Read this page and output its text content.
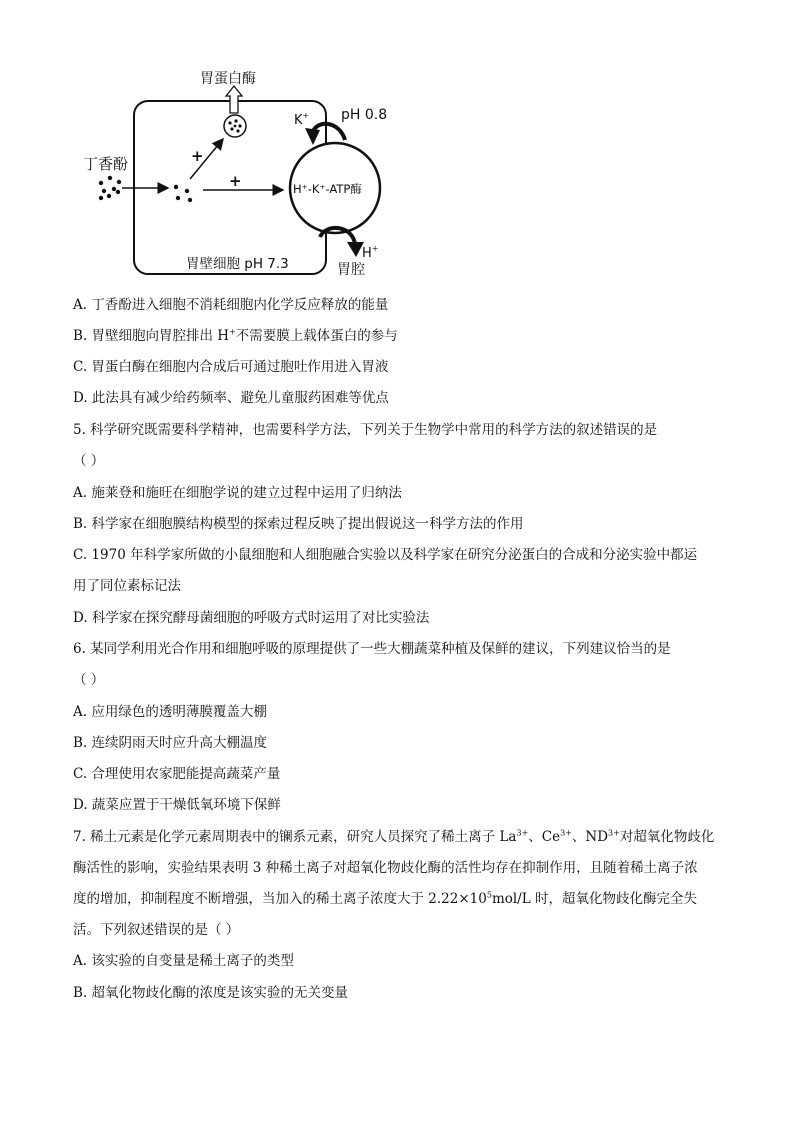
胃蛋白酶
丁香酚	+
+
K+ pH 0.8
H⁺-K⁺-ATP酶
H+
胃腔
胃壁细胞 pH 7.3
A. 丁香酚进入细胞不消耗细胞内化学反应释放的能量
B. 胃壁细胞向胃腔排出 H+不需要膜上载体蛋白的参与
C. 胃蛋白酶在细胞内合成后可通过胞吐作用进入胃液
D. 此法具有减少给药频率、避免儿童服药困难等优点
5. 科学研究既需要科学精神，也需要科学方法，下列关于生物学中常用的科学方法的叙述错误的是
（ ）
A. 施莱登和施旺在细胞学说的建立过程中运用了归纳法
B. 科学家在细胞膜结构模型的探索过程反映了提出假说这一科学方法的作用
C. 1970 年科学家所做的小鼠细胞和人细胞融合实验以及科学家在研究分泌蛋白的合成和分泌实验中都运
用了同位素标记法
D. 科学家在探究酵母菌细胞的呼吸方式时运用了对比实验法
6. 某同学利用光合作用和细胞呼吸的原理提供了一些大棚蔬菜种植及保鲜的建议，下列建议恰当的是
（ ）
A. 应用绿色的透明薄膜覆盖大棚
B. 连续阴雨天时应升高大棚温度
C. 合理使用农家肥能提高蔬菜产量
D. 蔬菜应置于干燥低氧环境下保鲜
7. 稀土元素是化学元素周期表中的镧系元素，研究人员探究了稀土离子 $La^{3+}$、$Ce^{3+}$、$ND^{3+}$对超氧化物歧化
酶活性的影响，实验结果表明 3 种稀土离子对超氧化物歧化酶的活性均存在抑制作用，且随着稀土离子浓
度的增加，抑制程度不断增强，当加入的稀土离子浓度大于 $2.22\times 10^5mol/L$ 时，超氧化物歧化酶完全失
活。下列叙述错误的是（ ）
A. 该实验的自变量是稀土离子的类型
B. 超氧化物歧化酶的浓度是该实验的无关变量
